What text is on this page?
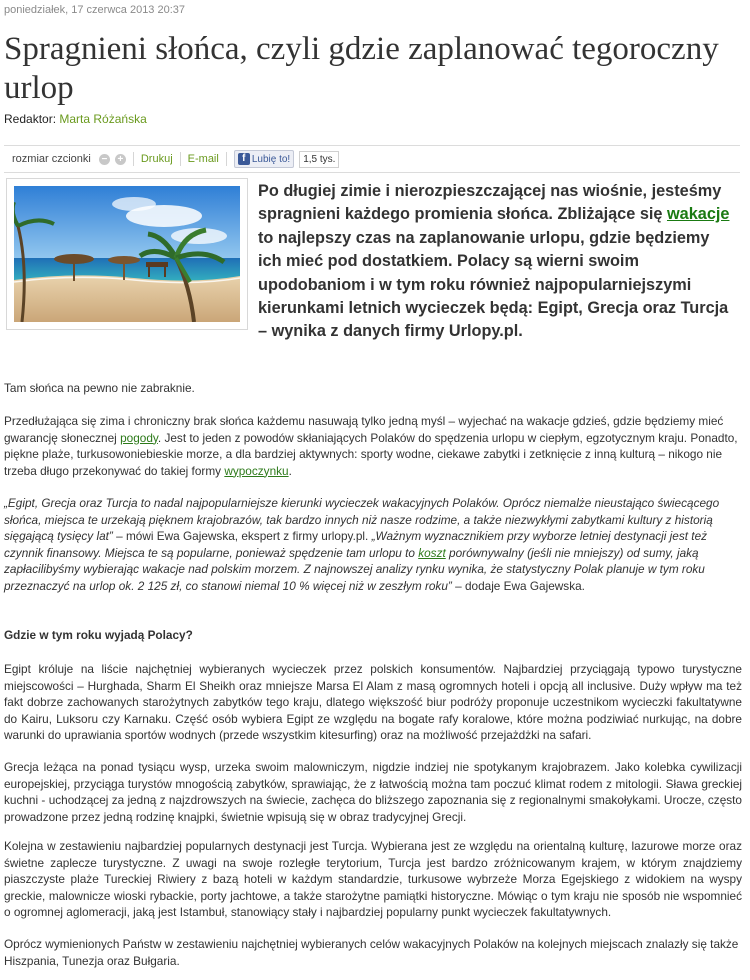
poniedziałek, 17 czerwca 2013 20:37
Spragnieni słońca, czyli gdzie zaplanować tegoroczny urlop
Redaktor: Marta Różańska
rozmiar czcionki − + Drukuj E-mail	f Lubię to!	1,5 tys.

Po długiej zimie i nierozpieszczającej nas wiośnie, jesteśmy spragnieni każdego promienia słońca. Zbliżające się wakacje to najlepszy czas na zaplanowanie urlopu, gdzie będziemy ich mieć pod dostatkiem. Polacy są wierni swoim upodobaniom i w tym roku również najpopularniejszymi kierunkami letnich wycieczek będą: Egipt, Grecja oraz Turcja – wynika z danych firmy Urlopy.pl.

Tam słońca na pewno nie zabraknie.

Przedłużająca się zima i chroniczny brak słońca każdemu nasuwają tylko jedną myśl – wyjechać na wakacje gdzieś, gdzie będziemy mieć gwarancję słonecznej pogody. Jest to jeden z powodów skłaniających Polaków do spędzenia urlopu w ciepłym, egzotycznym kraju. Ponadto, piękne plaże, turkusowoniebieskie morze, a dla bardziej aktywnych: sporty wodne, ciekawe zabytki i zetknięcie z inną kulturą – nikogo nie trzeba długo przekonywać do takiej formy wypoczynku.

„Egipt, Grecja oraz Turcja to nadal najpopularniejsze kierunki wycieczek wakacyjnych Polaków. Oprócz niemalże nieustająco świecącego słońca, miejsca te urzekają pięknem krajobrazów, tak bardzo innych niż nasze rodzime, a także niezwykłymi zabytkami kultury z historią sięgającą tysięcy lat” – mówi Ewa Gajewska, ekspert z firmy urlopy.pl. „Ważnym wyznacznikiem przy wyborze letniej destynacji jest też czynnik finansowy. Miejsca te są popularne, ponieważ spędzenie tam urlopu to koszt porównywalny (jeśli nie mniejszy) od sumy, jaką zapłacilibyśmy wybierając wakacje nad polskim morzem. Z najnowszej analizy rynku wynika, że statystyczny Polak planuje w tym roku przeznaczyć na urlop ok. 2 125 zł, co stanowi niemal 10 % więcej niż w zeszłym roku” – dodaje Ewa Gajewska.

Gdzie w tym roku wyjadą Polacy?

Egipt króluje na liście najchętniej wybieranych wycieczek przez polskich konsumentów. Najbardziej przyciągają typowo turystyczne miejscowości – Hurghada, Sharm El Sheikh oraz mniejsze Marsa El Alam z masą ogromnych hoteli i opcją all inclusive. Duży wpływ ma też fakt dobrze zachowanych starożytnych zabytków tego kraju, dlatego większość biur podróży proponuje uczestnikom wycieczki fakultatywne do Kairu, Luksoru czy Karnaku. Część osób wybiera Egipt ze względu na bogate rafy koralowe, które można podziwiać nurkując, na dobre warunki do uprawiania sportów wodnych (przede wszystkim kitesurfing) oraz na możliwość przejażdżki na safari.

Grecja leżąca na ponad tysiącu wysp, urzeka swoim malowniczym, nigdzie indziej nie spotykanym krajobrazem. Jako kolebka cywilizacji europejskiej, przyciąga turystów mnogością zabytków, sprawiając, że z łatwością można tam poczuć klimat rodem z mitologii. Sława greckiej kuchni - uchodzącej za jedną z najzdrowszych na świecie, zachęca do bliższego zapoznania się z regionalnymi smakołykami. Urocze, często prowadzone przez jedną rodzinę knajpki, świetnie wpisują się w obraz tradycyjnej Grecji.

Kolejna w zestawieniu najbardziej popularnych destynacji jest Turcja. Wybierana jest ze względu na orientalną kulturę, lazurowe morze oraz świetne zaplecze turystyczne. Z uwagi na swoje rozległe terytorium, Turcja jest bardzo zróżnicowanym krajem, w którym znajdziemy piaszczyste plaże Tureckiej Riwiery z bazą hoteli w każdym standardzie, turkusowe wybrzeże Morza Egejskiego z widokiem na wyspy greckie, malownicze wioski rybackie, porty jachtowe, a także starożytne pamiątki historyczne. Mówiąc o tym kraju nie sposób nie wspomnieć o ogromnej aglomeracji, jaką jest Istambuł, stanowiący stały i najbardziej popularny punkt wycieczek fakultatywnych.

Oprócz wymienionych Państw w zestawieniu najchętniej wybieranych celów wakacyjnych Polaków na kolejnych miejscach znalazły się także Hiszpania, Tunezja oraz Bułgaria.
